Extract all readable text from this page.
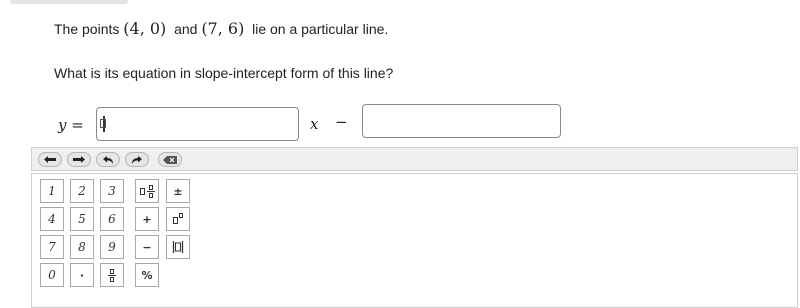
The points (4, 0) and (7, 6) lie on a particular line.
What is its equation in slope-intercept form of this line?
y =	x −
1	2	3	±
4	5	6	+
7	8	9	−
0	·	%
